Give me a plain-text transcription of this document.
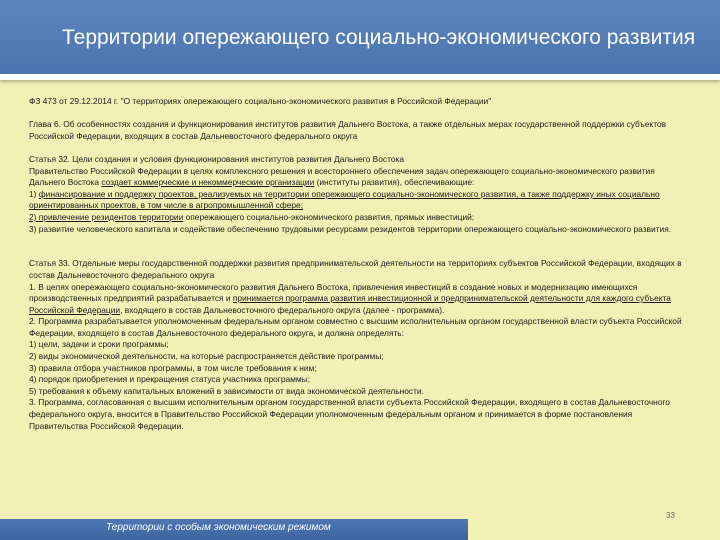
Территории опережающего социально-экономического развития

ФЗ 473 от 29.12.2014 г. "О территориях опережающего социально-экономического развития в Российской Федерации"

Глава 6. Об особенностях создания и функционирования институтов развития Дальнего Востока, а также отдельных мерах государственной поддержки субъектов Российской Федерации, входящих в состав Дальневосточного федерального округа

Статья 32. Цели создания и условия функционирования институтов развития Дальнего Востока
Правительство Российской Федерации в целях комплексного решения и всестороннего обеспечения задач опережающего социально-экономического развития Дальнего Востока создает коммерческие и некоммерческие организации (институты развития), обеспечивающие:
1) финансирование и поддержку проектов, реализуемых на территории опережающего социально-экономического развития, а также поддержку иных социально ориентированных проектов, в том числе в агропромышленной сфере;
2) привлечение резидентов территории опережающего социально-экономического развития, прямых инвестиций;
3) развитие человеческого капитала и содействие обеспечению трудовыми ресурсами резидентов территории опережающего социально-экономического развития.

Статья 33. Отдельные меры государственной поддержки развития предпринимательской деятельности на территориях субъектов Российской Федерации, входящих в состав Дальневосточного федерального округа
1. В целях опережающего социально-экономического развития Дальнего Востока, привлечения инвестиций в создание новых и модернизацию имеющихся производственных предприятий разрабатывается и принимается программа развития инвестиционной и предпринимательской деятельности для каждого субъекта Российской Федерации, входящего в состав Дальневосточного федерального округа (далее - программа).
2. Программа разрабатывается уполномоченным федеральным органом совместно с высшим исполнительным органом государственной власти субъекта Российской Федерации, входящего в состав Дальневосточного федерального округа, и должна определять:
1) цели, задачи и сроки программы;
2) виды экономической деятельности, на которые распространяется действие программы;
3) правила отбора участников программы, в том числе требования к ним;
4) порядок приобретения и прекращения статуса участника программы;
5) требования к объему капитальных вложений в зависимости от вида экономической деятельности.
3. Программа, согласованная с высшим исполнительным органом государственной власти субъекта Российской Федерации, входящего в состав Дальневосточного федерального округа, вносится в Правительство Российской Федерации уполномоченным федеральным органом и принимается в форме постановления Правительства Российской Федерации.

33
Территории с особым экономическим режимом
